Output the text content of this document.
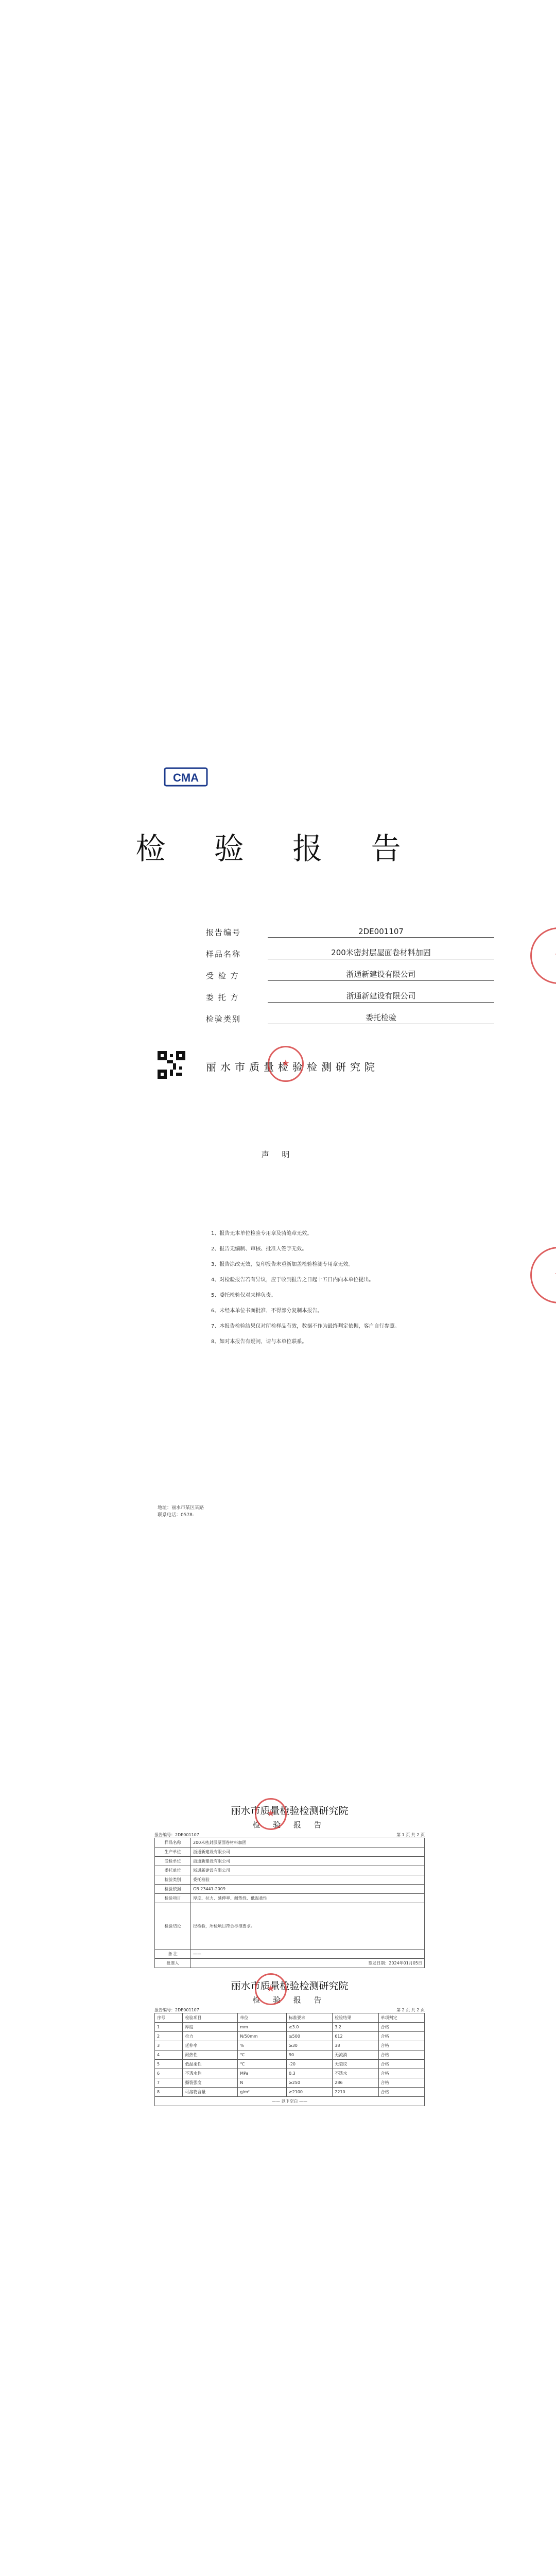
CMA
检 验 报 告
报告编号	2DE001107
样品名称	200米密封层屋面卷材料加固
受 检 方	浙通新建设有限公司
委 托 方	浙通新建设有限公司
检验类别	委托检验
丽水市质量检验检测研究院
★
★
声 明
1、报告无本单位检验专用章及骑缝章无效。
2、报告无编制、审核、批准人签字无效。
3、报告涂改无效，复印报告未重新加盖检验检测专用章无效。
4、对检验报告若有异议，应于收到报告之日起十五日内向本单位提出。
5、委托检验仅对来样负责。
6、未经本单位书面批准，不得部分复制本报告。
7、本报告检验结果仅对所检样品有效，数据不作为最终判定依据，客户自行参照。
8、如对本报告有疑问，请与本单位联系。
地址：丽水市某区某路
联系电话：0578-
★
丽水市质量检验检测研究院
检 验 报 告
报告编号：2DE001107	第 1 页 共 2 页
样品名称	200米密封层屋面卷材料加固
生产单位	浙通新建设有限公司
受检单位	浙通新建设有限公司
委托单位	浙通新建设有限公司
检验类别	委托检验
检验依据	GB 23441-2009
检验项目	厚度、拉力、延伸率、耐热性、低温柔性
检验结论	经检验，所检项目符合标准要求。
备 注	——
批准人	签发日期：2024年01月05日
★
丽水市质量检验检测研究院
检 验 报 告
报告编号：2DE001107	第 2 页 共 2 页
序号	检验项目	单位	标准要求	检验结果	单项判定
1	厚度	mm	≥3.0	3.2	合格
2	拉力	N/50mm	≥500	612	合格
3	延伸率	%	≥30	38	合格
4	耐热性	℃	90	无流淌	合格
5	低温柔性	℃	-20	无裂纹	合格
6	不透水性	MPa	0.3	不透水	合格
7	撕裂强度	N	≥250	286	合格
8	可溶物含量	g/m²	≥2100	2210	合格
—— 以下空白 ——					
★
